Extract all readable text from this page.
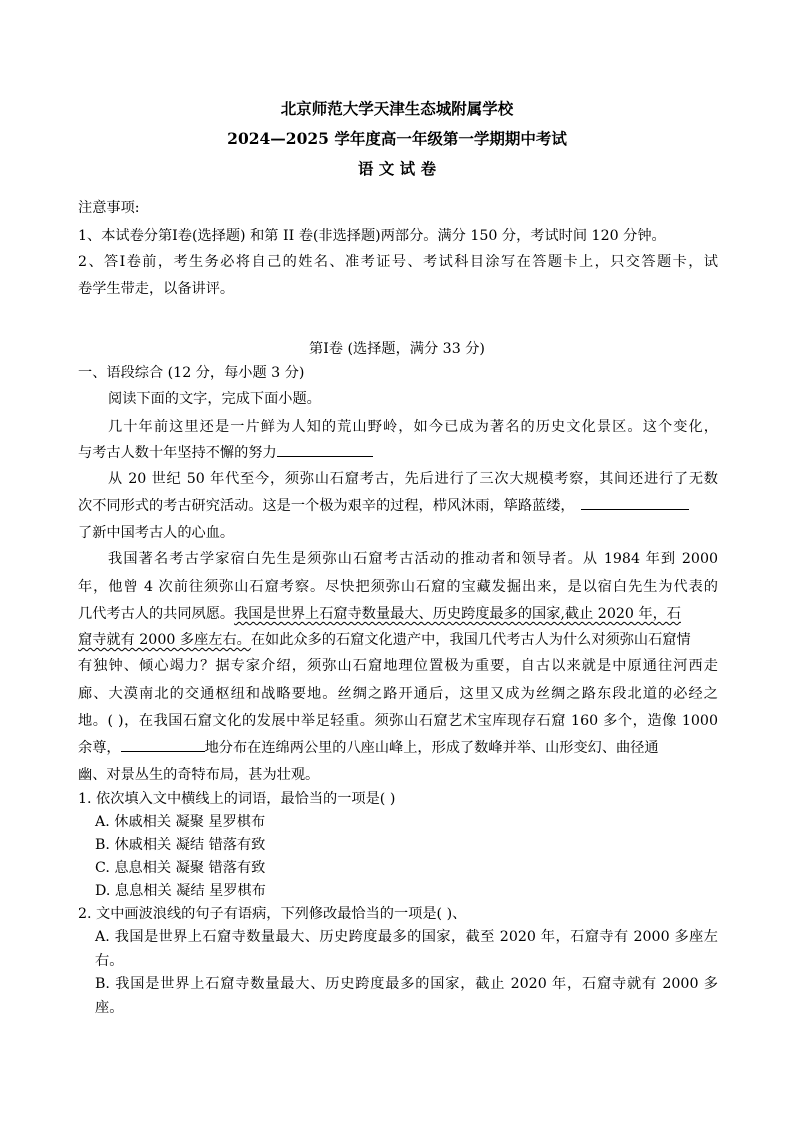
北京师范大学天津生态城附属学校
2024—2025 学年度高一年级第一学期期中考试
语 文 试 卷
注意事项:
1、本试卷分第Ⅰ卷(选择题) 和第 II 卷(非选择题)两部分。满分 150 分，考试时间 120 分钟。
2、答Ⅰ卷前，考生务必将自己的姓名、准考证号、考试科目涂写在答题卡上，只交答题卡，试
卷学生带走，以备讲评。
第Ⅰ卷 (选择题，满分 33 分)
一、语段综合 (12 分，每小题 3 分)
阅读下面的文字，完成下面小题。
几十年前这里还是一片鲜为人知的荒山野岭，如今已成为著名的历史文化景区。这个变化，
与考古人数十年坚持不懈的努力
从 20 世纪 50 年代至今，须弥山石窟考古，先后进行了三次大规模考察，其间还进行了无数
次不同形式的考古研究活动。这是一个极为艰辛的过程，栉风沐雨，筚路蓝缕，
了新中国考古人的心血。
我国著名考古学家宿白先生是须弥山石窟考古活动的推动者和领导者。从 1984 年到 2000
年，他曾 4 次前往须弥山石窟考察。尽快把须弥山石窟的宝藏发掘出来，是以宿白先生为代表的
几代考古人的共同夙愿。我国是世界上石窟寺数量最大、历史跨度最多的国家,截止 2020 年，石
窟寺就有 2000 多座左右。在如此众多的石窟文化遗产中，我国几代考古人为什么对须弥山石窟情
有独钟、倾心竭力？据专家介绍，须弥山石窟地理位置极为重要，自古以来就是中原通往河西走
廊、大漠南北的交通枢纽和战略要地。丝绸之路开通后，这里又成为丝绸之路东段北道的必经之
地。( )，在我国石窟文化的发展中举足轻重。须弥山石窟艺术宝库现存石窟 160 多个，造像 1000
余尊，	地分布在连绵两公里的八座山峰上，形成了数峰并举、山形变幻、曲径通
幽、对景丛生的奇特布局，甚为壮观。
1. 依次填入文中横线上的词语，最恰当的一项是( )
A. 休戚相关 凝聚 星罗棋布
B. 休戚相关 凝结 错落有致
C. 息息相关 凝聚 错落有致
D. 息息相关 凝结 星罗棋布
2. 文中画波浪线的句子有语病，下列修改最恰当的一项是( )、
A. 我国是世界上石窟寺数量最大、历史跨度最多的国家，截至 2020 年，石窟寺有 2000 多座左
右。
B. 我国是世界上石窟寺数量最大、历史跨度最多的国家，截止 2020 年，石窟寺就有 2000 多
座。
